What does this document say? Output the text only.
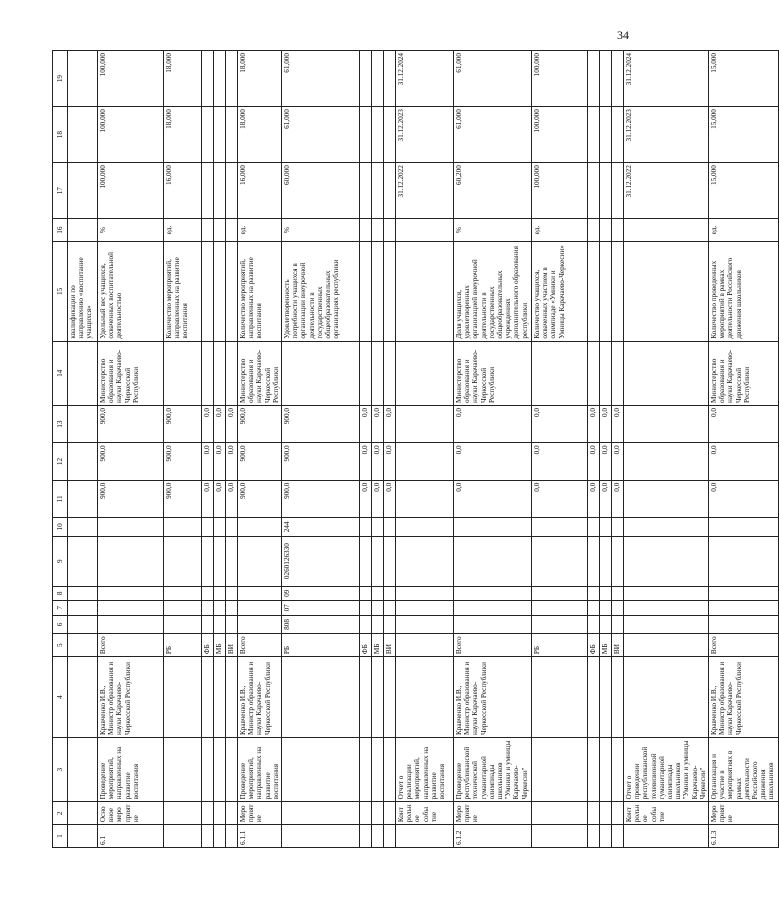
34
1	2	3	4	5	6	7	8	9	10	11	12	13	14	15	16	17	18	19
														квалификации по направлению «воспитание учащихся»				
6.1	Основное мероприятие	Проведение мероприятий, направленных на развитие воспитания	Кравченко И.В., Министр образования и науки Карачаево-Черкесской Республики	Всего						900,0	900,0	900,0	Министерство образования и науки Карачаево-Черкесской Республики	Удельный вес учащихся, охваченных воспитательной деятельностью	%	100,000	100,000	100,000
				РБ						900,0	900,0	900,0		Количество мероприятий, направленных на развитие воспитания	ед.	16,000	18,000	18,000
				ФБ						0,0	0,0	0,0						
				МБ						0,0	0,0	0,0						
				ВИ						0,0	0,0	0,0						
6.1.1	Мероприятие	Проведение мероприятий, направленных на развитие воспитания	Кравченко И.В., Министр образования и науки Карачаево-Черкесской Республики	Всего						900,0	900,0	900,0	Министерство образования и науки Карачаево-Черкесской Республики	Количество мероприятий, направленных на развитие воспитания	ед.	16,000	18,000	18,000
				РБ	808	07	09	0260126330	244	900,0	900,0	900,0		Удовлетворенность потребности учащихся в организации внеурочной деятельности в государственных общеобразовательных организациях республики	%	60,000	61,000	61,000
				ФБ						0,0	0,0	0,0						
				МБ						0,0	0,0	0,0						
				ВИ						0,0	0,0	0,0						
	Контрольное событие	Отчет о реализации мероприятий, направленных на развитие воспитания														31.12.2022	31.12.2023	31.12.2024
6.1.2	Мероприятие	Проведение республиканской технической гуманитарной олимпиады школьников "Умники и умницы Карачаево-Черкесии"	Кравченко И.В., Министр образования и науки Карачаево-Черкесской Республики	Всего						0,0	0,0	0,0	Министерство образования и науки Карачаево-Черкесской Республики	Доля учащихся, удовлетворенных организацией внеурочной деятельности в государственных общеобразовательных учреждениях дополнительного образования республики	%	60,200	61,000	61,000
				РБ						0,0	0,0	0,0		Количество учащихся, охваченных участием в олимпиаде «Умники и Умницы Карачаево-Черкесии»	ед.	100,000	100,000	100,000
				ФБ						0,0	0,0	0,0						
				МБ						0,0	0,0	0,0						
				ВИ						0,0	0,0	0,0						
	Контрольное событие	Отчет о проведении республиканской телевизионной гуманитарной олимпиады школьников "Умники и умницы Карачаево-Черкесии"														31.12.2022	31.12.2023	31.12.2024
6.1.3	Мероприятие	Организация и участие в мероприятиях в рамках деятельности Российского движения школьников	Кравченко И.В., Министр образования и науки Карачаево-Черкесской Республики	Всего						0,0	0,0	0,0	Министерство образования и науки Карачаево-Черкесской Республики	Количество проведенных мероприятий в рамках деятельности Российского движения школьников	ед.	15,000	15,000	15,000
